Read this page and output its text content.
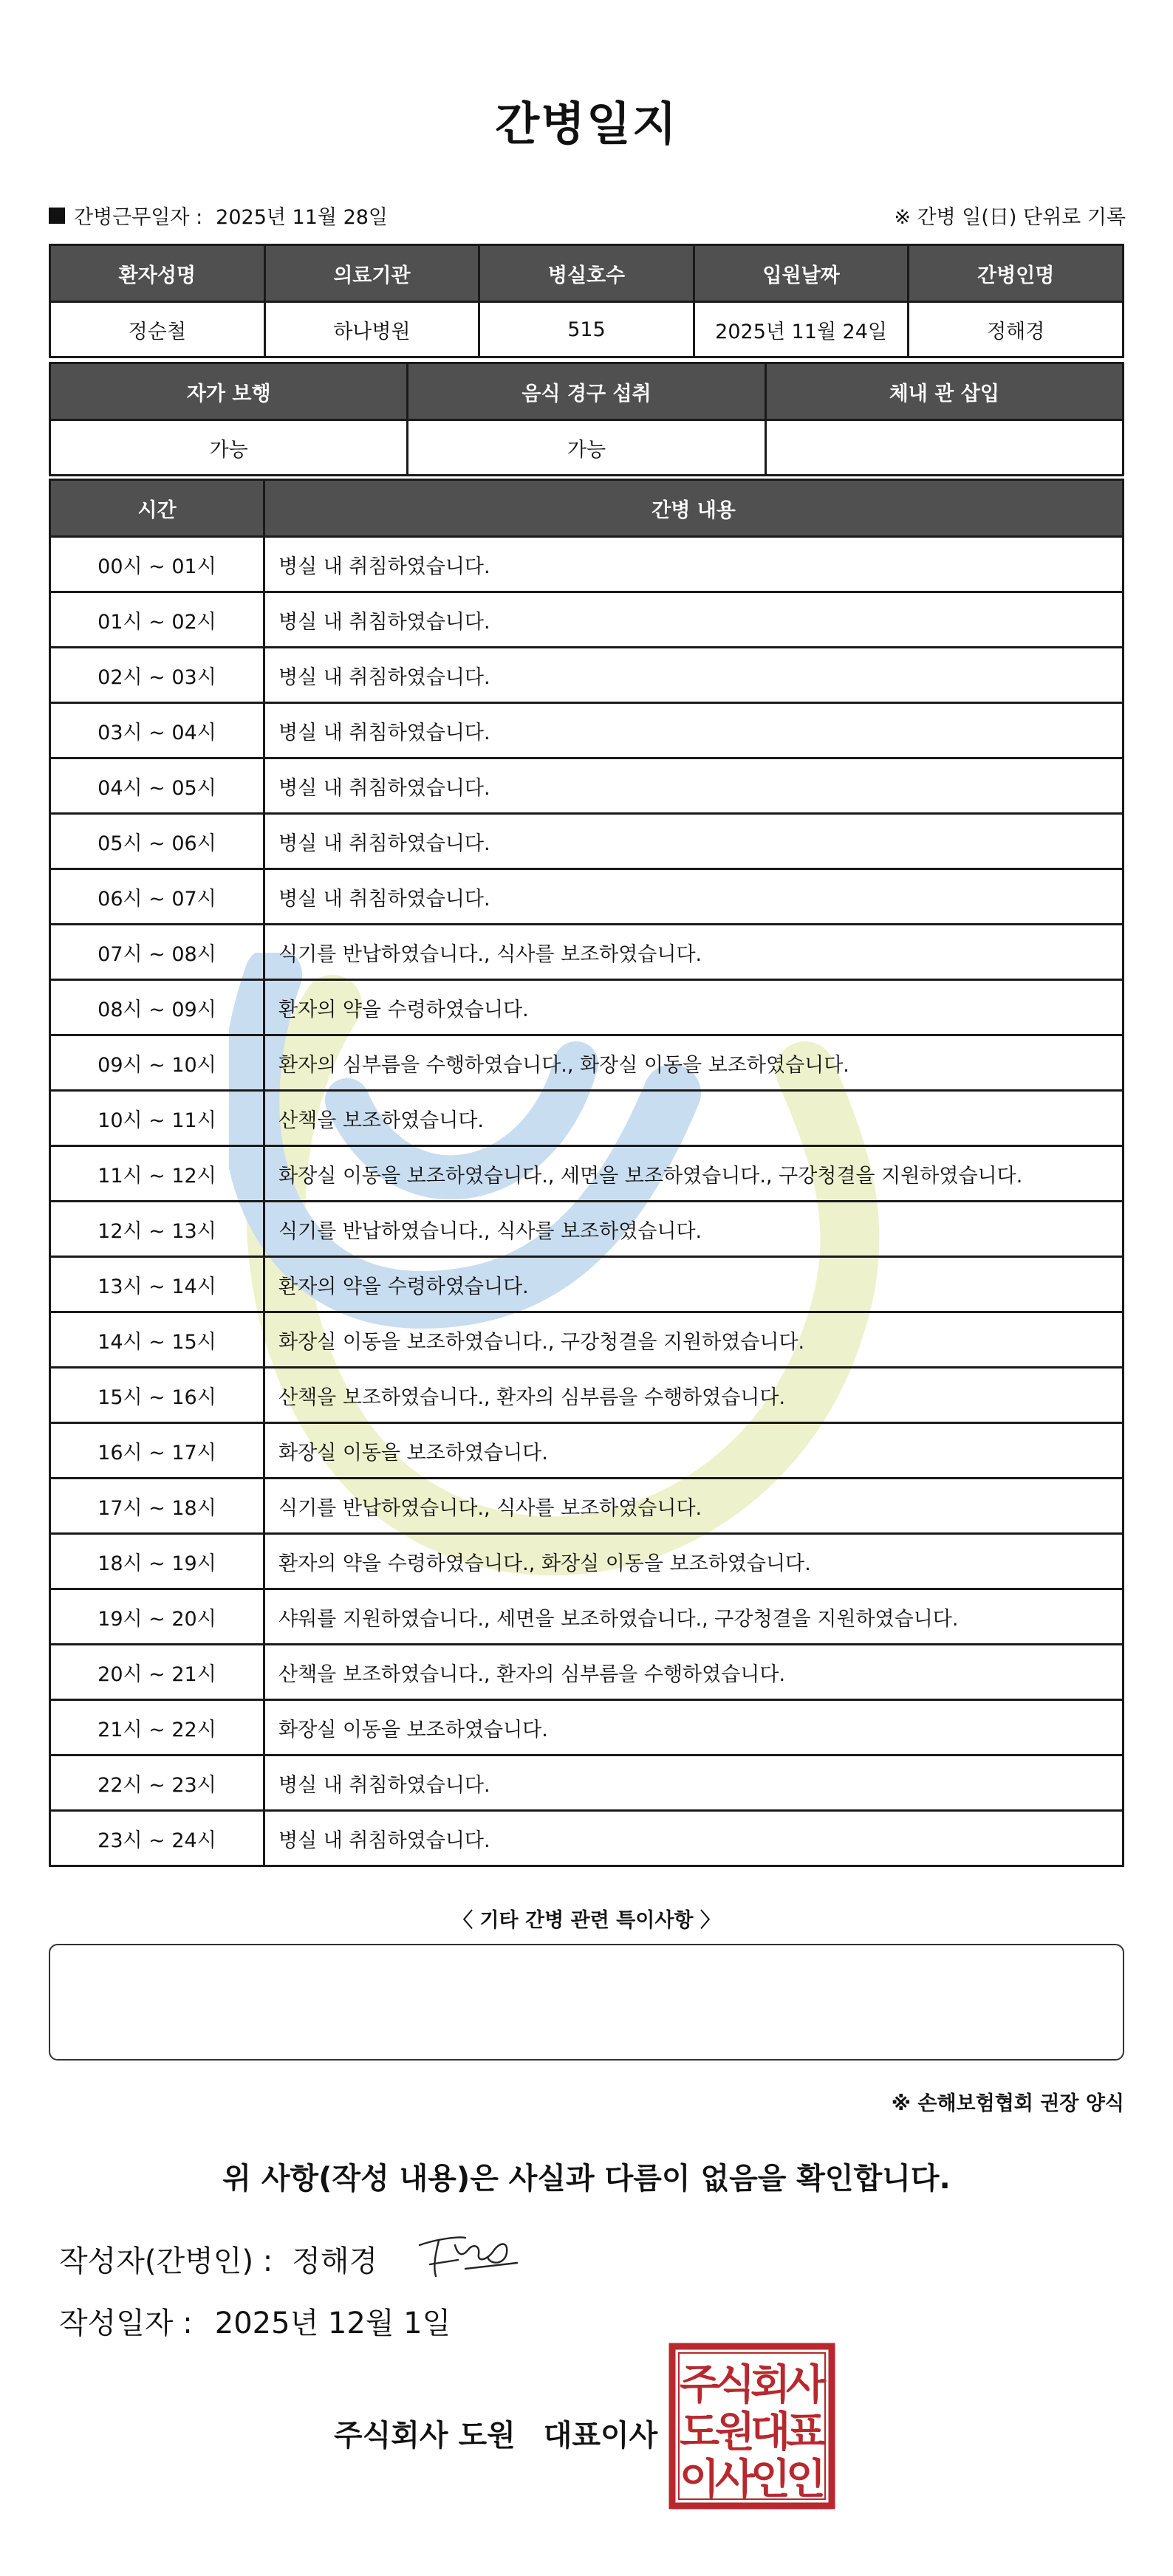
간병일지
간병근무일자 : 2025년 11월 28일	※ 간병 일(日) 단위로 기록
환자성명	의료기관	병실호수	입원날짜	간병인명
정순철	하나병원	515	2025년 11월 24일	정해경
자가 보행	음식 경구 섭취	체내 관 삽입
가능	가능	
시간	간병 내용
00시 ~ 01시	병실 내 취침하였습니다.
01시 ~ 02시	병실 내 취침하였습니다.
02시 ~ 03시	병실 내 취침하였습니다.
03시 ~ 04시	병실 내 취침하였습니다.
04시 ~ 05시	병실 내 취침하였습니다.
05시 ~ 06시	병실 내 취침하였습니다.
06시 ~ 07시	병실 내 취침하였습니다.
07시 ~ 08시	식기를 반납하였습니다., 식사를 보조하였습니다.
08시 ~ 09시	환자의 약을 수령하였습니다.
09시 ~ 10시	환자의 심부름을 수행하였습니다., 화장실 이동을 보조하였습니다.
10시 ~ 11시	산책을 보조하였습니다.
11시 ~ 12시	화장실 이동을 보조하였습니다., 세면을 보조하였습니다., 구강청결을 지원하였습니다.
12시 ~ 13시	식기를 반납하였습니다., 식사를 보조하였습니다.
13시 ~ 14시	환자의 약을 수령하였습니다.
14시 ~ 15시	화장실 이동을 보조하였습니다., 구강청결을 지원하였습니다.
15시 ~ 16시	산책을 보조하였습니다., 환자의 심부름을 수행하였습니다.
16시 ~ 17시	화장실 이동을 보조하였습니다.
17시 ~ 18시	식기를 반납하였습니다., 식사를 보조하였습니다.
18시 ~ 19시	환자의 약을 수령하였습니다., 화장실 이동을 보조하였습니다.
19시 ~ 20시	샤워를 지원하였습니다., 세면을 보조하였습니다., 구강청결을 지원하였습니다.
20시 ~ 21시	산책을 보조하였습니다., 환자의 심부름을 수행하였습니다.
21시 ~ 22시	화장실 이동을 보조하였습니다.
22시 ~ 23시	병실 내 취침하였습니다.
23시 ~ 24시	병실 내 취침하였습니다.
〈 기타 간병 관련 특이사항 〉
※ 손해보험협회 권장 양식
위 사항(작성 내용)은 사실과 다름이 없음을 확인합니다.
작성자(간병인) : 정해경
작성일자 : 2025년 12월 1일
주식회사 도원 대표이사
주
식
회
사
도
원
대
표
이
사
인
인
